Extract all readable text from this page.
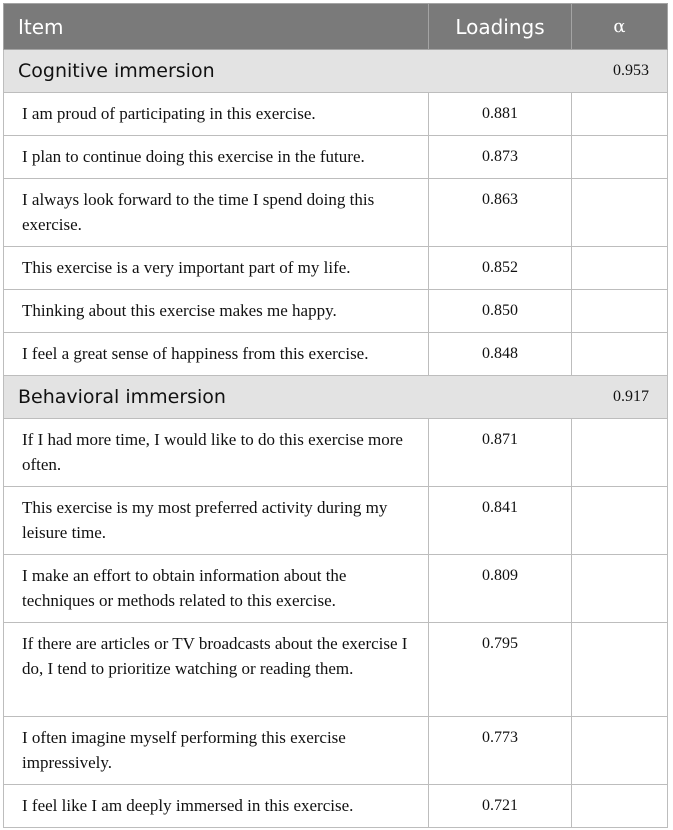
Item	Loadings	α
Cognitive immersion		0.953
I am proud of participating in this exercise.	0.881	
I plan to continue doing this exercise in the future.	0.873	
I always look forward to the time I spend doing this exercise.	0.863	
This exercise is a very important part of my life.	0.852	
Thinking about this exercise makes me happy.	0.850	
I feel a great sense of happiness from this exercise.	0.848	
Behavioral immersion		0.917
If I had more time, I would like to do this exercise more often.	0.871	
This exercise is my most preferred activity during my leisure time.	0.841	
I make an effort to obtain information about the techniques or methods related to this exercise.	0.809	
If there are articles or TV broadcasts about the exercise I do, I tend to prioritize watching or reading them.	0.795	
I often imagine myself performing this exercise impressively.	0.773	
I feel like I am deeply immersed in this exercise.	0.721	
